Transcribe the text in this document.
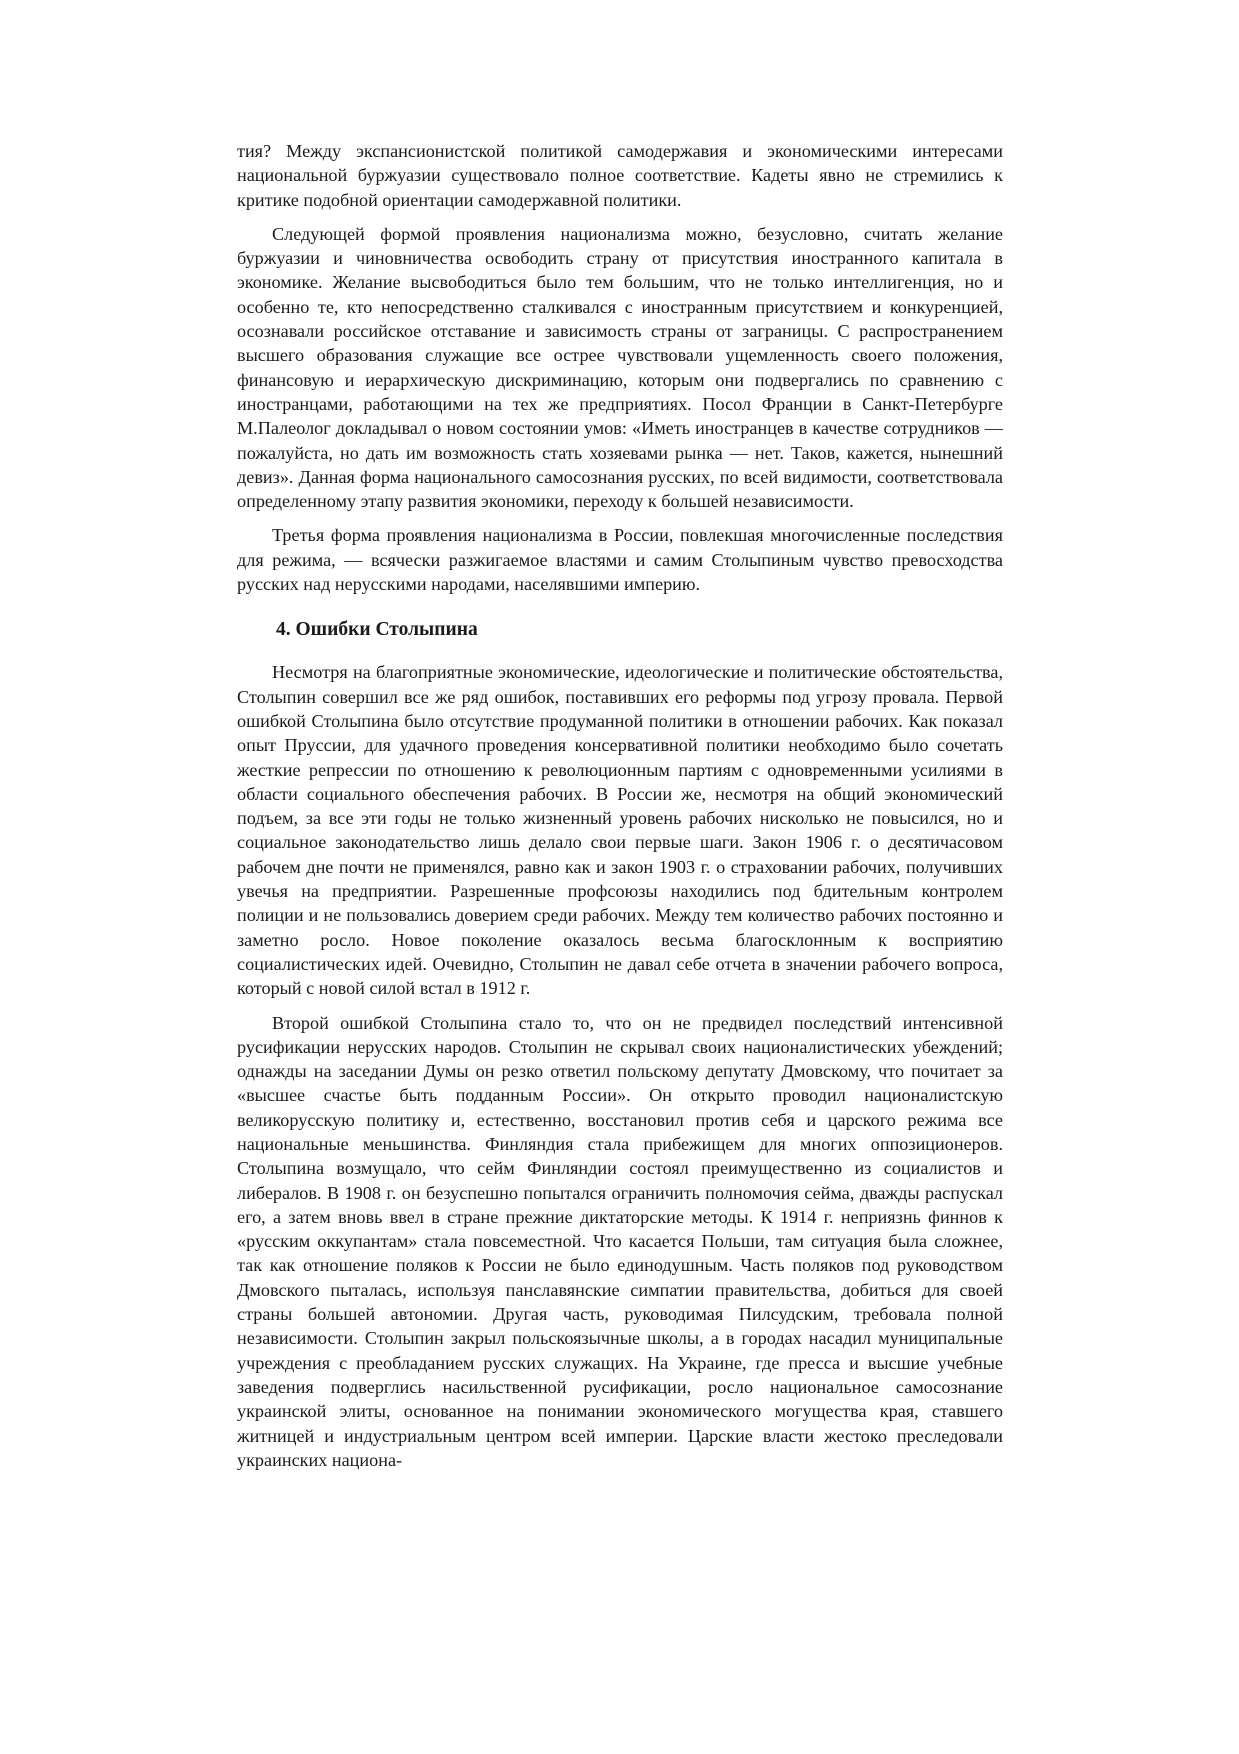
тия? Между экспансионистской политикой самодержавия и экономическими интересами национальной буржуазии существовало полное соответствие. Кадеты явно не стремились к критике подобной ориентации самодержавной политики.

Следующей формой проявления национализма можно, безусловно, считать желание буржуазии и чиновничества освободить страну от присутствия иностранного капитала в экономике. Желание высвободиться было тем большим, что не только интеллигенция, но и особенно те, кто непосредственно сталкивался с иностранным присутствием и конкуренцией, осознавали российское отставание и зависимость страны от заграницы. С распространением высшего образования служащие все острее чувствовали ущемленность своего положения, финансовую и иерархическую дискриминацию, которым они подвергались по сравнению с иностранцами, работающими на тех же предприятиях. Посол Франции в Санкт-Петербурге М.Палеолог докладывал о новом состоянии умов: «Иметь иностранцев в качестве сотрудников — пожалуйста, но дать им возможность стать хозяевами рынка — нет. Таков, кажется, нынешний девиз». Данная форма национального самосознания русских, по всей видимости, соответствовала определенному этапу развития экономики, переходу к большей независимости.

Третья форма проявления национализма в России, повлекшая многочисленные последствия для режима, — всячески разжигаемое властями и самим Столыпиным чувство превосходства русских над нерусскими народами, населявшими империю.

4. Ошибки Столыпина

Несмотря на благоприятные экономические, идеологические и политические обстоятельства, Столыпин совершил все же ряд ошибок, поставивших его реформы под угрозу провала. Первой ошибкой Столыпина было отсутствие продуманной политики в отношении рабочих. Как показал опыт Пруссии, для удачного проведения консервативной политики необходимо было сочетать жесткие репрессии по отношению к революционным партиям с одновременными усилиями в области социального обеспечения рабочих. В России же, несмотря на общий экономический подъем, за все эти годы не только жизненный уровень рабочих нисколько не повысился, но и социальное законодательство лишь делало свои первые шаги. Закон 1906 г. о десятичасовом рабочем дне почти не применялся, равно как и закон 1903 г. о страховании рабочих, получивших увечья на предприятии. Разрешенные профсоюзы находились под бдительным контролем полиции и не пользовались доверием среди рабочих. Между тем количество рабочих постоянно и заметно росло. Новое поколение оказалось весьма благосклонным к восприятию социалистических идей. Очевидно, Столыпин не давал себе отчета в значении рабочего вопроса, который с новой силой встал в 1912 г.

Второй ошибкой Столыпина стало то, что он не предвидел последствий интенсивной русификации нерусских народов. Столыпин не скрывал своих националистических убеждений; однажды на заседании Думы он резко ответил польскому депутату Дмовскому, что почитает за «высшее счастье быть подданным России». Он открыто проводил националистскую великорусскую политику и, естественно, восстановил против себя и царского режима все национальные меньшинства. Финляндия стала прибежищем для многих оппозиционеров. Столыпина возмущало, что сейм Финляндии состоял преимущественно из социалистов и либералов. В 1908 г. он безуспешно попытался ограничить полномочия сейма, дважды распускал его, а затем вновь ввел в стране прежние диктаторские методы. К 1914 г. неприязнь финнов к «русским оккупантам» стала повсеместной. Что касается Польши, там ситуация была сложнее, так как отношение поляков к России не было единодушным. Часть поляков под руководством Дмовского пыталась, используя панславянские симпатии правительства, добиться для своей страны большей автономии. Другая часть, руководимая Пилсудским, требовала полной независимости. Столыпин закрыл польскоязычные школы, а в городах насадил муниципальные учреждения с преобладанием русских служащих. На Украине, где пресса и высшие учебные заведения подверглись насильственной русификации, росло национальное самосознание украинской элиты, основанное на понимании экономического могущества края, ставшего житницей и индустриальным центром всей империи. Царские власти жестоко преследовали украинских национа-
